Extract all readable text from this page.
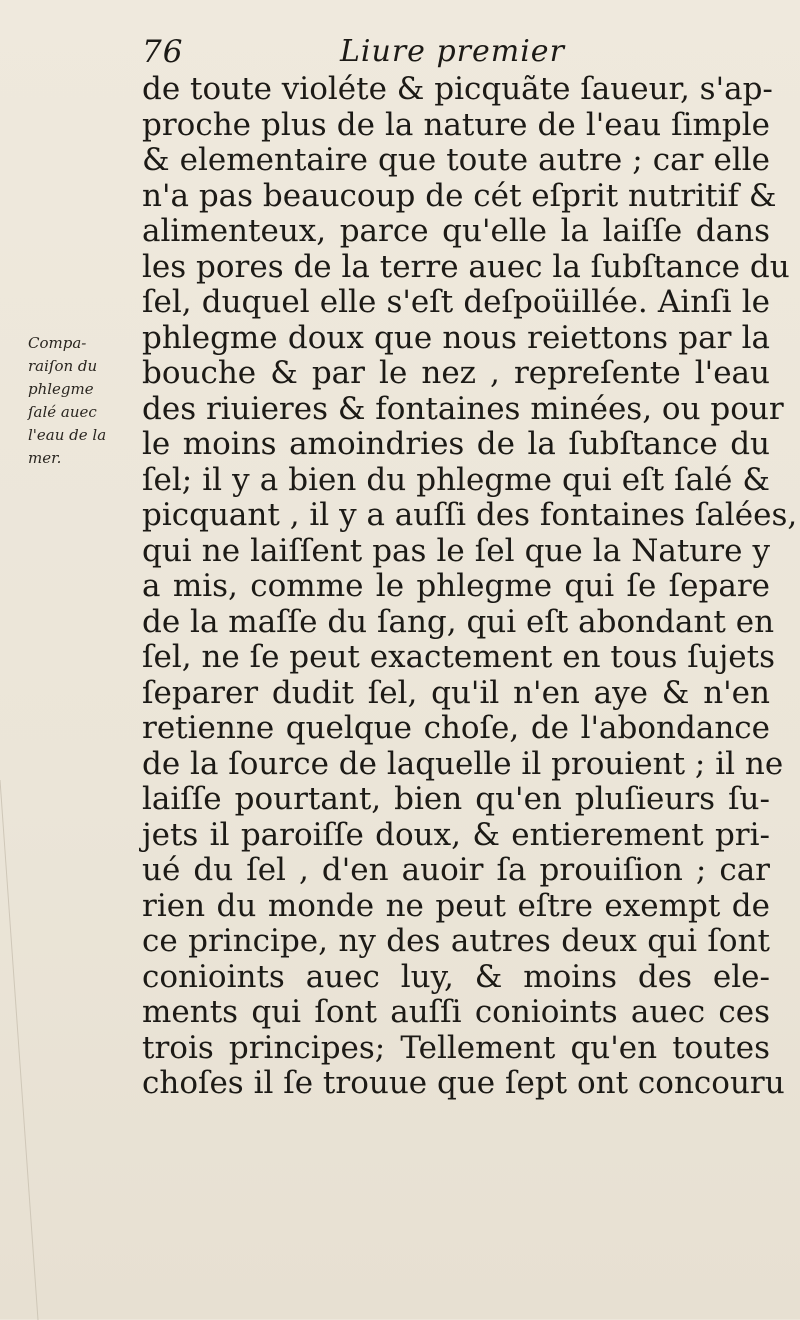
76	Liure premier
Compa-
raiſon du
phlegme
ſalé auec
l'eau de la
mer.
de toute violéte & picquãte ſaueur, s'ap-
proche plus de la nature de l'eau ſimple
& elementaire que toute autre ; car elle
n'a pas beaucoup de cét eſprit nutritif &
alimenteux, parce qu'elle la laiſſe dans
les pores de la terre auec la ſubſtance du
ſel, duquel elle s'eſt deſpoüillée. Ainſi le
phlegme doux que nous reiettons par la
bouche & par le nez , repreſente l'eau
des riuieres & fontaines minées, ou pour
le moins amoindries de la ſubſtance du
ſel; il y a bien du phlegme qui eſt ſalé &
picquant , il y a auſſi des fontaines ſalées,
qui ne laiſſent pas le ſel que la Nature y
a mis, comme le phlegme qui ſe ſepare
de la maſſe du ſang, qui eſt abondant en
ſel, ne ſe peut exactement en tous ſujets
ſeparer dudit ſel, qu'il n'en aye & n'en
retienne quelque choſe, de l'abondance
de la ſource de laquelle il prouient ; il ne
laiſſe pourtant, bien qu'en pluſieurs ſu-
jets il paroiſſe doux, & entierement pri-
ué du ſel , d'en auoir ſa prouiſion ; car
rien du monde ne peut eſtre exempt de
ce principe, ny des autres deux qui ſont
conioints auec luy, & moins des ele-
ments qui ſont auſſi conioints auec ces
trois principes; Tellement qu'en toutes
choſes il ſe trouue que ſept ont concouru
